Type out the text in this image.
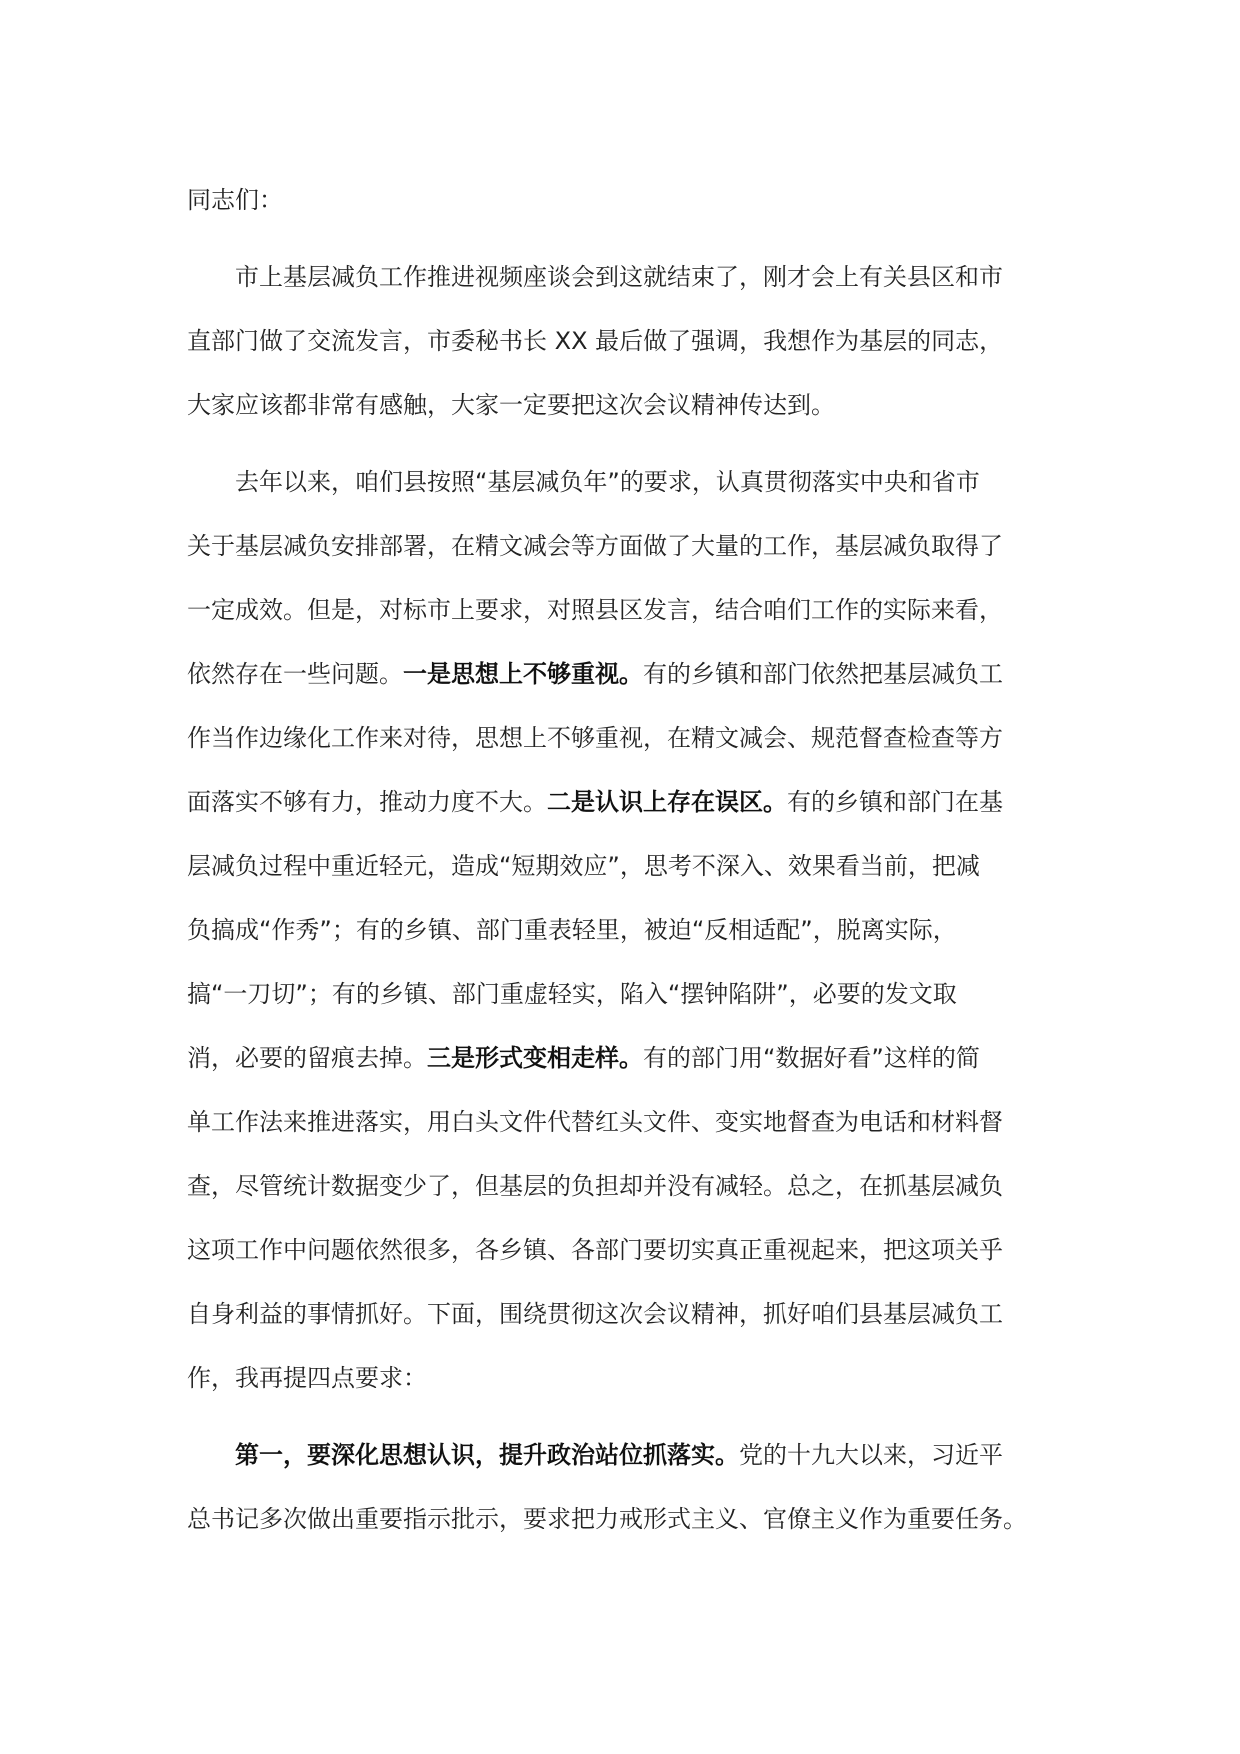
同志们：
市上基层减负工作推进视频座谈会到这就结束了，刚才会上有关县区和市
直部门做了交流发言，市委秘书长 XX 最后做了强调，我想作为基层的同志，
大家应该都非常有感触，大家一定要把这次会议精神传达到。
去年以来，咱们县按照“基层减负年”的要求，认真贯彻落实中央和省市
关于基层减负安排部署，在精文减会等方面做了大量的工作，基层减负取得了
一定成效。但是，对标市上要求，对照县区发言，结合咱们工作的实际来看，
依然存在一些问题。一是思想上不够重视。有的乡镇和部门依然把基层减负工
作当作边缘化工作来对待，思想上不够重视，在精文减会、规范督查检查等方
面落实不够有力，推动力度不大。二是认识上存在误区。有的乡镇和部门在基
层减负过程中重近轻元，造成“短期效应”，思考不深入、效果看当前，把减
负搞成“作秀”；有的乡镇、部门重表轻里，被迫“反相适配”，脱离实际，
搞“一刀切”；有的乡镇、部门重虚轻实，陷入“摆钟陷阱”，必要的发文取
消，必要的留痕去掉。三是形式变相走样。有的部门用“数据好看”这样的简
单工作法来推进落实，用白头文件代替红头文件、变实地督查为电话和材料督
查，尽管统计数据变少了，但基层的负担却并没有减轻。总之，在抓基层减负
这项工作中问题依然很多，各乡镇、各部门要切实真正重视起来，把这项关乎
自身利益的事情抓好。下面，围绕贯彻这次会议精神，抓好咱们县基层减负工
作，我再提四点要求：
第一，要深化思想认识，提升政治站位抓落实。党的十九大以来，习近平
总书记多次做出重要指示批示，要求把力戒形式主义、官僚主义作为重要任务。
